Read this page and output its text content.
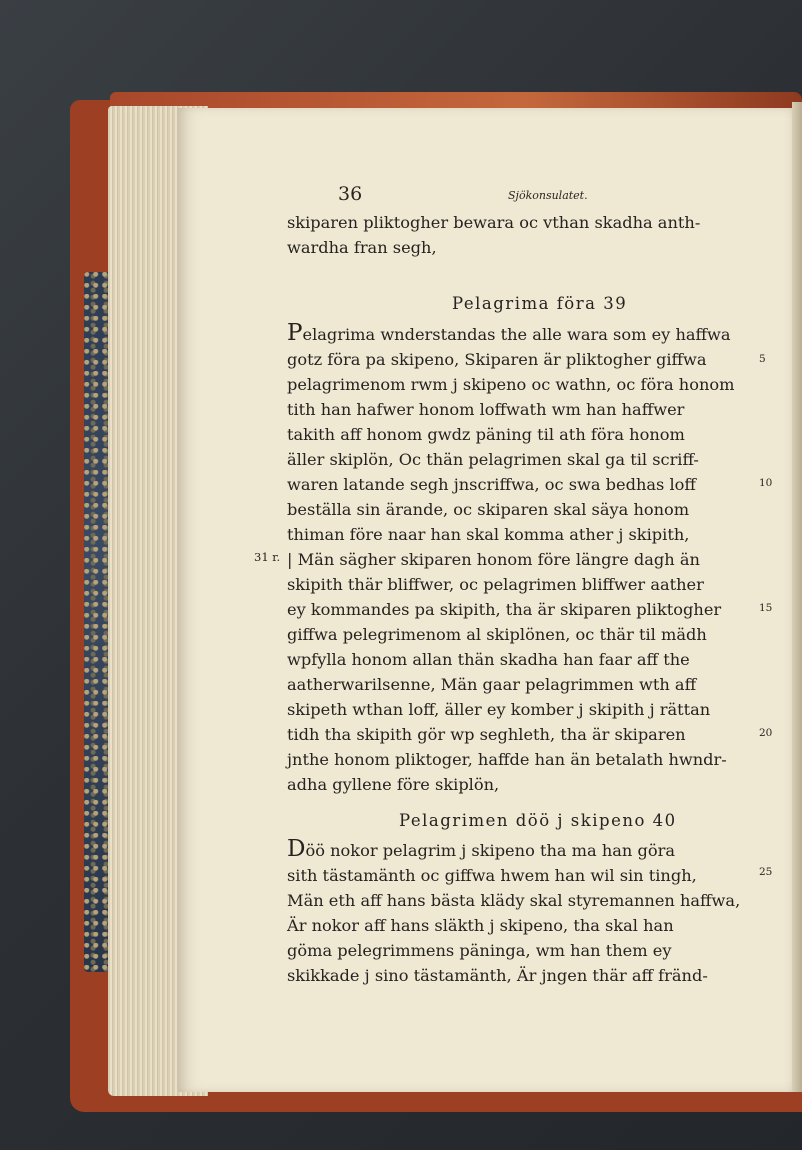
36	Sjökonsulatet.
skiparen pliktogher bewara oc vthan skadha anth-
wardha fran segh,
Pelagrima föra 39
Pelagrima wnderstandas the alle wara som ey haffwa
gotz föra pa skipeno, Skiparen är pliktogher giffwa
pelagrimenom rwm j skipeno oc wathn, oc föra honom
tith han hafwer honom loffwath wm han haffwer
takith aff honom gwdz päning til ath föra honom
äller skiplön, Oc thän pelagrimen skal ga til scriff-
waren latande segh jnscriffwa, oc swa bedhas loff
beställa sin ärande, oc skiparen skal säya honom
thiman före naar han skal komma ather j skipith,
| Män sägher skiparen honom före längre dagh än
skipith thär bliffwer, oc pelagrimen bliffwer aather
ey kommandes pa skipith, tha är skiparen pliktogher
giffwa pelegrimenom al skiplönen, oc thär til mädh
wpfylla honom allan thän skadha han faar aff the
aatherwarilsenne, Män gaar pelagrimmen wth aff
skipeth wthan loff, äller ey komber j skipith j rättan
tidh tha skipith gör wp seghleth, tha är skiparen
jnthe honom pliktoger, haffde han än betalath hwndr-
adha gyllene före skiplön,
Pelagrimen döö j skipeno 40
Döö nokor pelagrim j skipeno tha ma han göra
sith tästamänth oc giffwa hwem han wil sin tingh,
Män eth aff hans bästa klädy skal styremannen haffwa,
Är nokor aff hans släkth j skipeno, tha skal han
göma pelegrimmens päninga, wm han them ey
skikkade j sino tästamänth, Är jngen thär aff fränd-
31 r.
5
10
15
20
25
